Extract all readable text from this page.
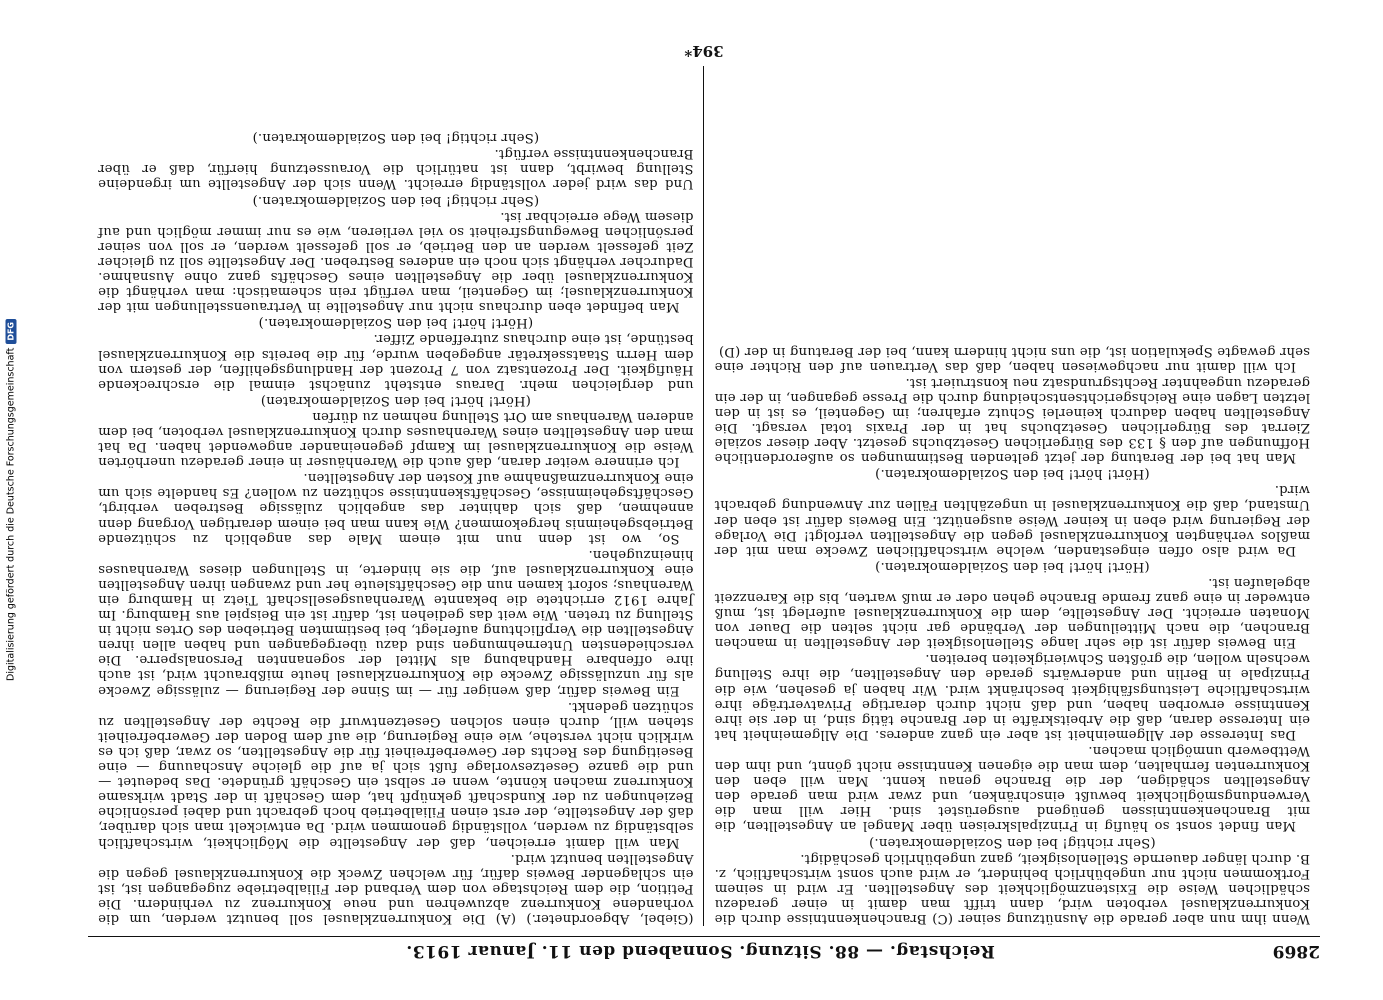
Digitalisierung gefördert durch die Deutsche Forschungsgemeinschaft
DFG
2869
Reichstag. — 88. Sitzung. Sonnabend den 11. Januar 1913.

Wenn ihm nun aber gerade die Ausnützung seiner (C) Branchenkenntnisse durch die Konkurrenzklausel verboten wird, dann trifft man damit in einer geradezu schädlichen Weise die Existenzmöglichkeit des Angestellten. Er wird in seinem Fortkommen nicht nur ungebührlich behindert, er wird auch sonst wirtschaftlich, z. B. durch länger dauernde Stellenlosigkeit, ganz ungebührlich geschädigt.

(Sehr richtig! bei den Sozialdemokraten.)

Man findet sonst so häufig in Prinzipalskreisen über Mangel an Angestellten, die mit Branchenkenntnissen genügend ausgerüstet sind. Hier will man die Verwendungsmöglichkeit bewußt einschränken, und zwar wird man gerade den Angestellten schädigen, der die Branche genau kennt. Man will eben den Konkurrenten fernhalten, dem man die eigenen Kenntnisse nicht gönnt, und ihm den Wettbewerb unmöglich machen.

Das Interesse der Allgemeinheit ist aber ein ganz anderes. Die Allgemeinheit hat ein Interesse daran, daß die Arbeitskräfte in der Branche tätig sind, in der sie ihre Kenntnisse erworben haben, und daß nicht durch derartige Privatverträge ihre wirtschaftliche Leistungsfähigkeit beschränkt wird. Wir haben ja gesehen, wie die Prinzipale in Berlin und anderwärts gerade den Angestellten, die ihre Stellung wechseln wollen, die größten Schwierigkeiten bereiten.

Ein Beweis dafür ist die sehr lange Stellenlosigkeit der Angestellten in manchen Branchen, die nach Mitteilungen der Verbände gar nicht selten die Dauer von Monaten erreicht. Der Angestellte, dem die Konkurrenzklausel auferlegt ist, muß entweder in eine ganz fremde Branche gehen oder er muß warten, bis die Karenzzeit abgelaufen ist.

(Hört! hört! bei den Sozialdemokraten.)

Da wird also offen eingestanden, welche wirtschaftlichen Zwecke man mit der maßlos verhängten Konkurrenzklausel gegen die Angestellten verfolgt! Die Vorlage der Regierung wird eben in keiner Weise ausgenützt. Ein Beweis dafür ist eben der Umstand, daß die Konkurrenzklausel in ungezählten Fällen zur Anwendung gebracht wird.

(Hört! hört! bei den Sozialdemokraten.)

Man hat bei der Beratung der jetzt geltenden Bestimmungen so außerordentliche Hoffnungen auf den § 133 des Bürgerlichen Gesetzbuchs gesetzt. Aber dieser soziale Zierrat des Bürgerlichen Gesetzbuchs hat in der Praxis total versagt. Die Angestellten haben dadurch keinerlei Schutz erfahren; im Gegenteil, es ist in den letzten Lagen eine Reichsgerichtsentscheidung durch die Presse gegangen, in der ein geradezu ungeahnter Rechtsgrundsatz neu konstruiert ist.

Ich will damit nur nachgewiesen haben, daß das Vertrauen auf den Richter eine sehr gewagte Spekulation ist, die uns nicht hindern kann, bei der Beratung in der (D)

(Giebel, Abgeordneter.) (A) Die Konkurrenzklausel soll benutzt werden, um die vorhandene Konkurrenz abzuwehren und neue Konkurrenz zu verhindern. Die Petition, die dem Reichstage von dem Verband der Filialbetriebe zugegangen ist, ist ein schlagender Beweis dafür, für welchen Zweck die Konkurrenzklausel gegen die Angestellten benutzt wird.

Man will damit erreichen, daß der Angestellte die Möglichkeit, wirtschaftlich selbständig zu werden, vollständig genommen wird. Da entwickelt man sich darüber, daß der Angestellte, der erst einen Filialbetrieb hoch gebracht und dabei persönliche Beziehungen zu der Kundschaft geknüpft hat, dem Geschäft in der Stadt wirksame Konkurrenz machen könnte, wenn er selbst ein Geschäft gründete. Das bedeutet — und die ganze Gesetzesvorlage fußt sich ja auf die gleiche Anschauung — eine Beseitigung des Rechts der Gewerbefreiheit für die Angestellten, so zwar, daß ich es wirklich nicht verstehe, wie eine Regierung, die auf dem Boden der Gewerbefreiheit stehen will, durch einen solchen Gesetzentwurf die Rechte der Angestellten zu schützen gedenkt.

Ein Beweis dafür, daß weniger für — im Sinne der Regierung — zulässige Zwecke als für unzulässige Zwecke die Konkurrenzklausel heute mißbraucht wird, ist auch ihre offenbare Handhabung als Mittel der sogenannten Personalsperre. Die verschiedensten Unternehmungen sind dazu übergegangen und haben allen ihren Angestellten die Verpflichtung auferlegt, bei bestimmten Betrieben des Ortes nicht in Stellung zu treten. Wie weit das gediehen ist, dafür ist ein Beispiel aus Hamburg. Im Jahre 1912 errichtete die bekannte Warenhausgesellschaft Tietz in Hamburg ein Warenhaus; sofort kamen nun die Geschäftsleute her und zwangen ihren Angestellten eine Konkurrenzklausel auf, die sie hinderte, in Stellungen dieses Warenhauses hineinzugehen.

So, wo ist denn nun mit einem Male das angeblich zu schützende Betriebsgeheimnis hergekommen? Wie kann man bei einem derartigen Vorgang denn annehmen, daß sich dahinter das angeblich zulässige Bestreben verbirgt, Geschäftsgeheimnisse, Geschäftskenntnisse schützen zu wollen? Es handelte sich um eine Konkurrenzmaßnahme auf Kosten der Angestellten.

Ich erinnere weiter daran, daß auch die Warenhäuser in einer geradezu unerhörten Weise die Konkurrenzklausel im Kampf gegeneinander angewendet haben. Da hat man den Angestellten eines Warenhauses durch Konkurrenzklausel verboten, bei dem anderen Warenhaus am Ort Stellung nehmen zu dürfen

(Hört! hört! bei den Sozialdemokraten)

und dergleichen mehr. Daraus entsteht zunächst einmal die erschreckende Häufigkeit. Der Prozentsatz von 7 Prozent der Handlungsgehilfen, der gestern von dem Herrn Staatssekretär angegeben wurde, für die bereits die Konkurrenzklausel bestünde, ist eine durchaus zutreffende Ziffer.

(Hört! hört! bei den Sozialdemokraten.)

Man befindet eben durchaus nicht nur Angestellte in Vertrauensstellungen mit der Konkurrenzklausel; im Gegenteil, man verfügt rein schematisch: man verhängt die Konkurrenzklausel über die Angestellten eines Geschäfts ganz ohne Ausnahme. Dadurcher verhängt sich noch ein anderes Bestreben. Der Angestellte soll zu gleicher Zeit gefesselt werden an den Betrieb, er soll gefesselt werden, er soll von seiner persönlichen Bewegungsfreiheit so viel verlieren, wie es nur immer möglich und auf diesem Wege erreichbar ist.

(Sehr richtig! bei den Sozialdemokraten.)

Und das wird jeder vollständig erreicht. Wenn sich der Angestellte um irgendeine Stellung bewirbt, dann ist natürlich die Voraussetzung hierfür, daß er über Branchenkenntnisse verfügt.

(Sehr richtig! bei den Sozialdemokraten.)

394*
